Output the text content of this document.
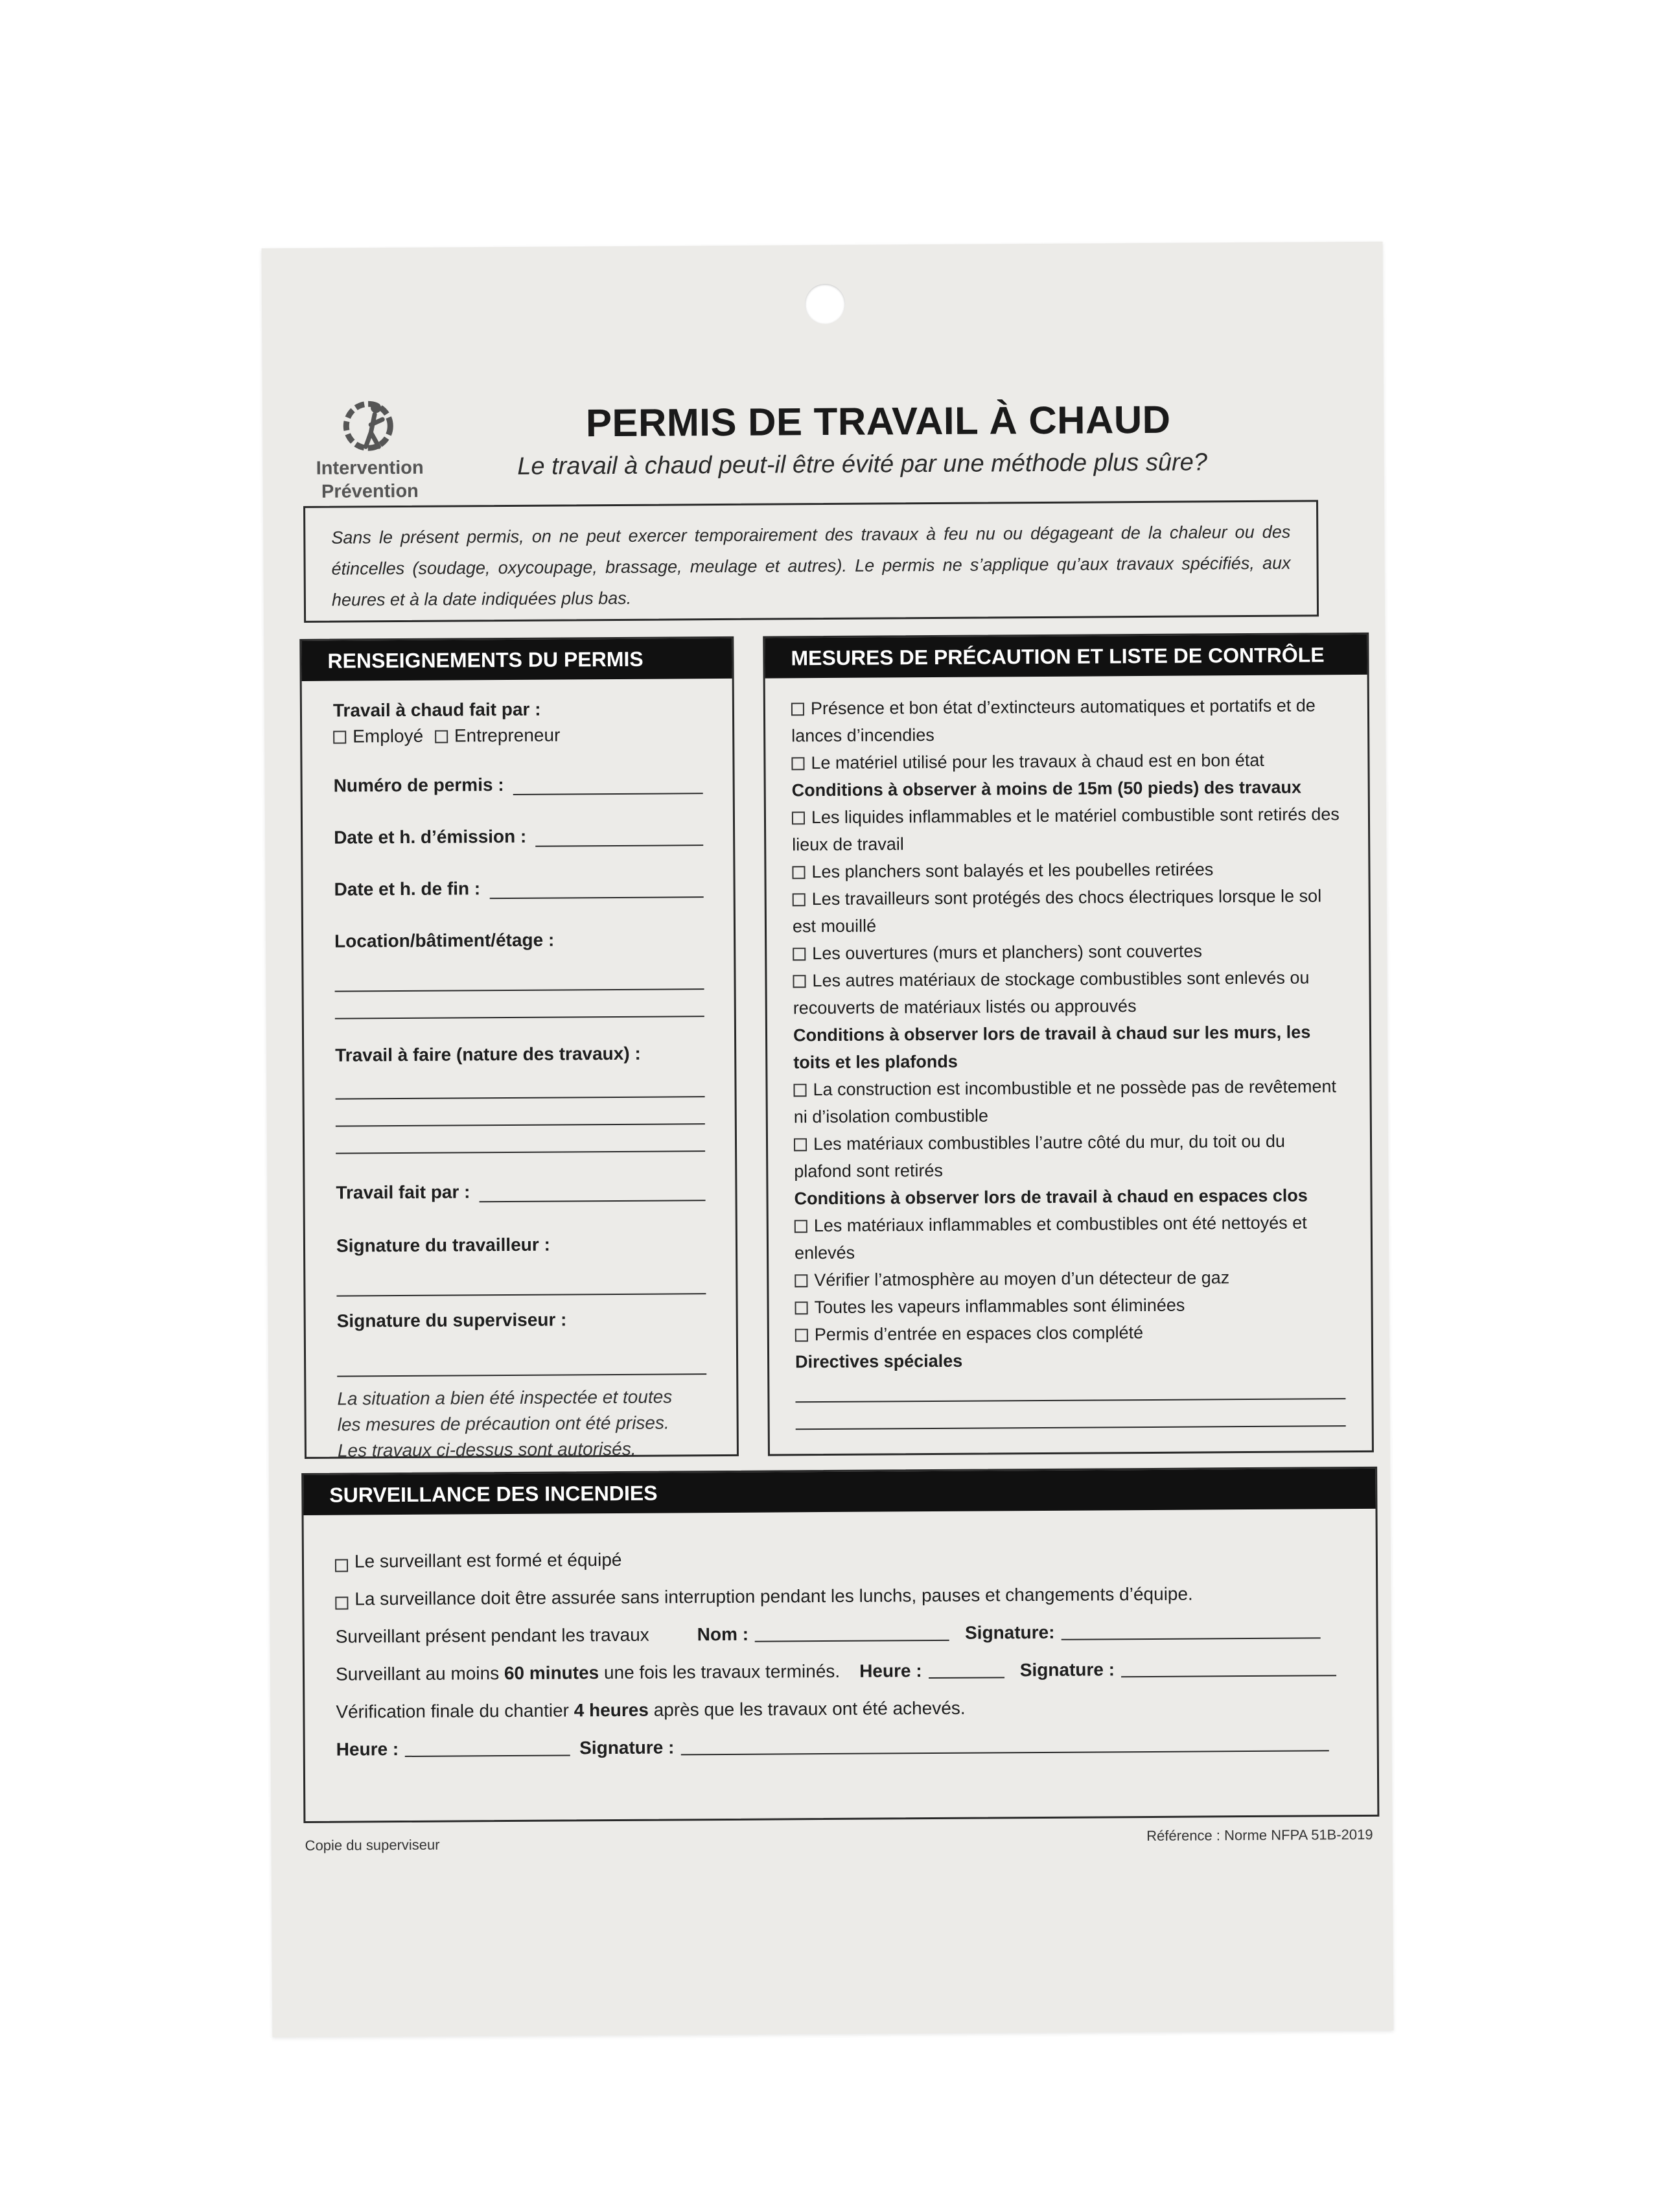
Intervention
Prévention
PERMIS DE TRAVAIL À CHAUD
Le travail à chaud peut-il être évité par une méthode plus sûre?
Sans le présent permis, on ne peut exercer temporairement des travaux à feu nu ou dégageant de la chaleur ou des étincelles (soudage, oxycoupage, brassage, meulage et autres). Le permis ne s’applique qu’aux travaux spécifiés, aux heures et à la date indiquées plus bas.
RENSEIGNEMENTS DU PERMIS
Travail à chaud fait par :
Employé Entrepreneur
Numéro de permis :
Date et h. d’émission :
Date et h. de fin :
Location/bâtiment/étage :
Travail à faire (nature des travaux) :
Travail fait par :
Signature du travailleur :
Signature du superviseur :
La situation a bien été inspectée et toutes
les mesures de précaution ont été prises.
Les travaux ci-dessus sont autorisés.
MESURES DE PRÉCAUTION ET LISTE DE CONTRÔLE

Présence et bon état d’extincteurs automatiques et portatifs et de lances d’incendies

Le matériel utilisé pour les travaux à chaud est en bon état

Conditions à observer à moins de 15m (50 pieds) des travaux

Les liquides inflammables et le matériel combustible sont retirés des lieux de travail

Les planchers sont balayés et les poubelles retirées

Les travailleurs sont protégés des chocs électriques lorsque le sol est mouillé

Les ouvertures (murs et planchers) sont couvertes

Les autres matériaux de stockage combustibles sont enlevés ou recouverts de matériaux listés ou approuvés

Conditions à observer lors de travail à chaud sur les murs, les toits et les plafonds

La construction est incombustible et ne possède pas de revêtement ni d’isolation combustible

Les matériaux combustibles l’autre côté du mur, du toit ou du plafond sont retirés

Conditions à observer lors de travail à chaud en espaces clos

Les matériaux inflammables et combustibles ont été nettoyés et enlevés

Vérifier l’atmosphère au moyen d’un détecteur de gaz

Toutes les vapeurs inflammables sont éliminées

Permis d’entrée en espaces clos complété

Directives spéciales

SURVEILLANCE DES INCENDIES
Le surveillant est formé et équipé
La surveillance doit être assurée sans interruption pendant les lunchs, pauses et changements d’équipe.
Surveillant présent pendant les travaux	Nom :	Signature:
Surveillant au moins
60 minutes
une fois les travaux terminés. Heure :	Signature :
Vérification finale du chantier
4 heures
après que les travaux ont été achevés.
Heure :	Signature :
Copie du superviseur
Référence : Norme NFPA 51B-2019
